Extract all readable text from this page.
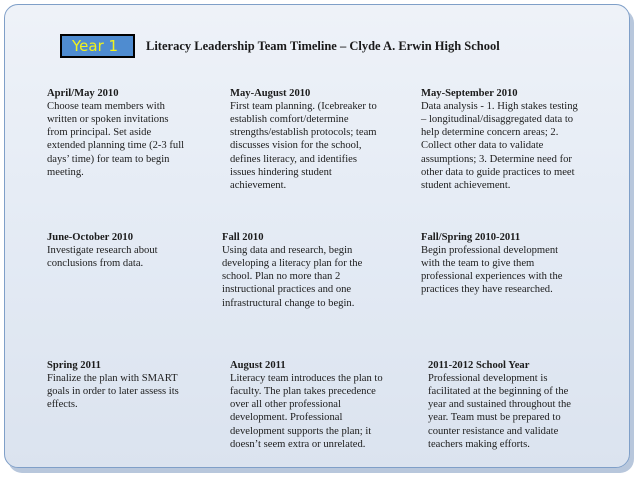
Year 1	Literacy Leadership Team Timeline – Clyde A. Erwin High School

April/May 2010
Choose team members with
written or spoken invitations
from principal. Set aside
extended planning time (2-3 full
days’ time) for team to begin
meeting.

May-August 2010
First team planning. (Icebreaker to
establish comfort/determine
strengths/establish protocols; team
discusses vision for the school,
defines literacy, and identifies
issues hindering student
achievement.

May-September 2010
Data analysis - 1. High stakes testing
– longitudinal/disaggregated data to
help determine concern areas; 2.
Collect other data to validate
assumptions; 3. Determine need for
other data to guide practices to meet
student achievement.

June-October 2010
Investigate research about
conclusions from data.

Fall 2010
Using data and research, begin
developing a literacy plan for the
school. Plan no more than 2
instructional practices and one
infrastructural change to begin.

Fall/Spring 2010-2011
Begin professional development
with the team to give them
professional experiences with the
practices they have researched.

Spring 2011
Finalize the plan with SMART
goals in order to later assess its
effects.

August 2011
Literacy team introduces the plan to
faculty. The plan takes precedence
over all other professional
development. Professional
development supports the plan; it
doesn’t seem extra or unrelated.

2011-2012 School Year
Professional development is
facilitated at the beginning of the
year and sustained throughout the
year. Team must be prepared to
counter resistance and validate
teachers making efforts.
